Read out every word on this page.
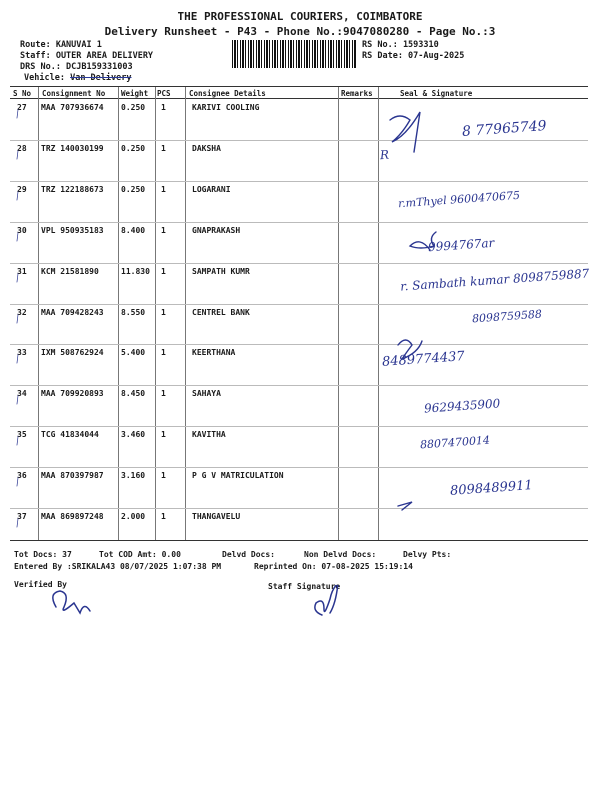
THE PROFESSIONAL COURIERS, COIMBATORE
Delivery Runsheet - P43 - Phone No.:9047080280 - Page No.:3
Route: KANUVAI 1
Staff: OUTER AREA DELIVERY
DRS No.: DCJB159331003
Vehicle: Van Delivery
RS No.: 1593310
RS Date: 07-Aug-2025
S No Consignment No Weight PCS Consignee Details	Remarks	Seal & Signature
27 MAA 707936674 0.250 1	KARIVI COOLING
/
8 77965749
28 TRZ 140030199 0.250 1	DAKSHA
/	R
29 TRZ 122188673 0.250 1	LOGARANI
/	r.mThyel 9600470675
30 VPL 950935183 8.400 1	GNAPRAKASH
/	9994767ar
31 KCM 21581890	11.830 1	SAMPATH KUMR
/	r. Sambath kumar 8098759887
32 MAA 709428243 8.550 1	CENTREL BANK
/	8098759588
33 IXM 508762924 5.400 1	KEERTHANA
/	8489774437
34 MAA 709920893 8.450 1	SAHAYA
/	9629435900
35 TCG 41834044	3.460 1	KAVITHA
/	8807470014
36 MAA 870397987 3.160 1	P G V MATRICULATION
/	8098489911
37 MAA 869897248 2.000 1	THANGAVELU
/
Tot Docs: 37	Tot COD Amt: 0.00	Delvd Docs:	Non Delvd Docs:	Delvy Pts:
Entered By :SRIKALA43 08/07/2025 1:07:38 PM	Reprinted On: 07-08-2025 15:19:14
Verified By	Staff Signature
